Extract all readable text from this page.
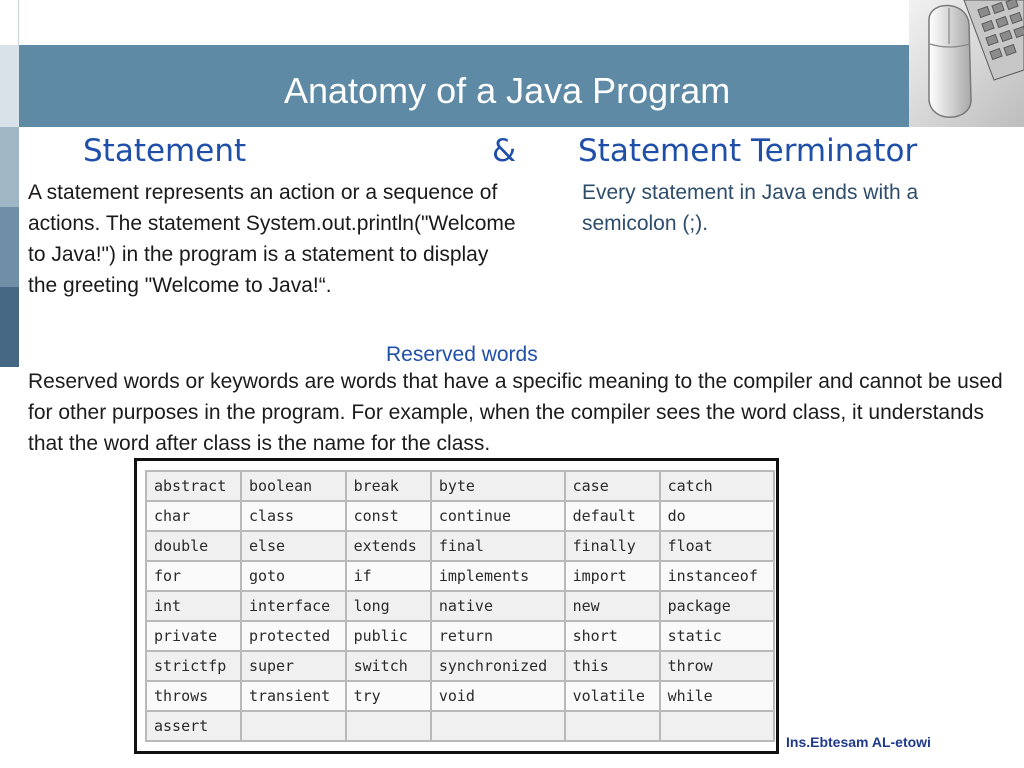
Anatomy of a Java Program
Statement	& Statement Terminator
A statement represents an action or a sequence of actions. The statement System.out.println("Welcome to Java!") in the program is a statement to display the greeting "Welcome to Java!“.
Every statement in Java ends with a semicolon (;).
Reserved words
Reserved words or keywords are words that have a specific meaning to the compiler and cannot be used for other purposes in the program. For example, when the compiler sees the word class, it understands that the word after class is the name for the class.
abstract	boolean	break	byte	case	catch
char	class	const	continue	default	do
double	else	extends	final	finally	float
for	goto	if	implements	import	instanceof
int	interface	long	native	new	package
private	protected	public	return	short	static
strictfp	super	switch	synchronized	this	throw
throws	transient	try	void	volatile	while
assert					
Ins.Ebtesam AL-etowi
